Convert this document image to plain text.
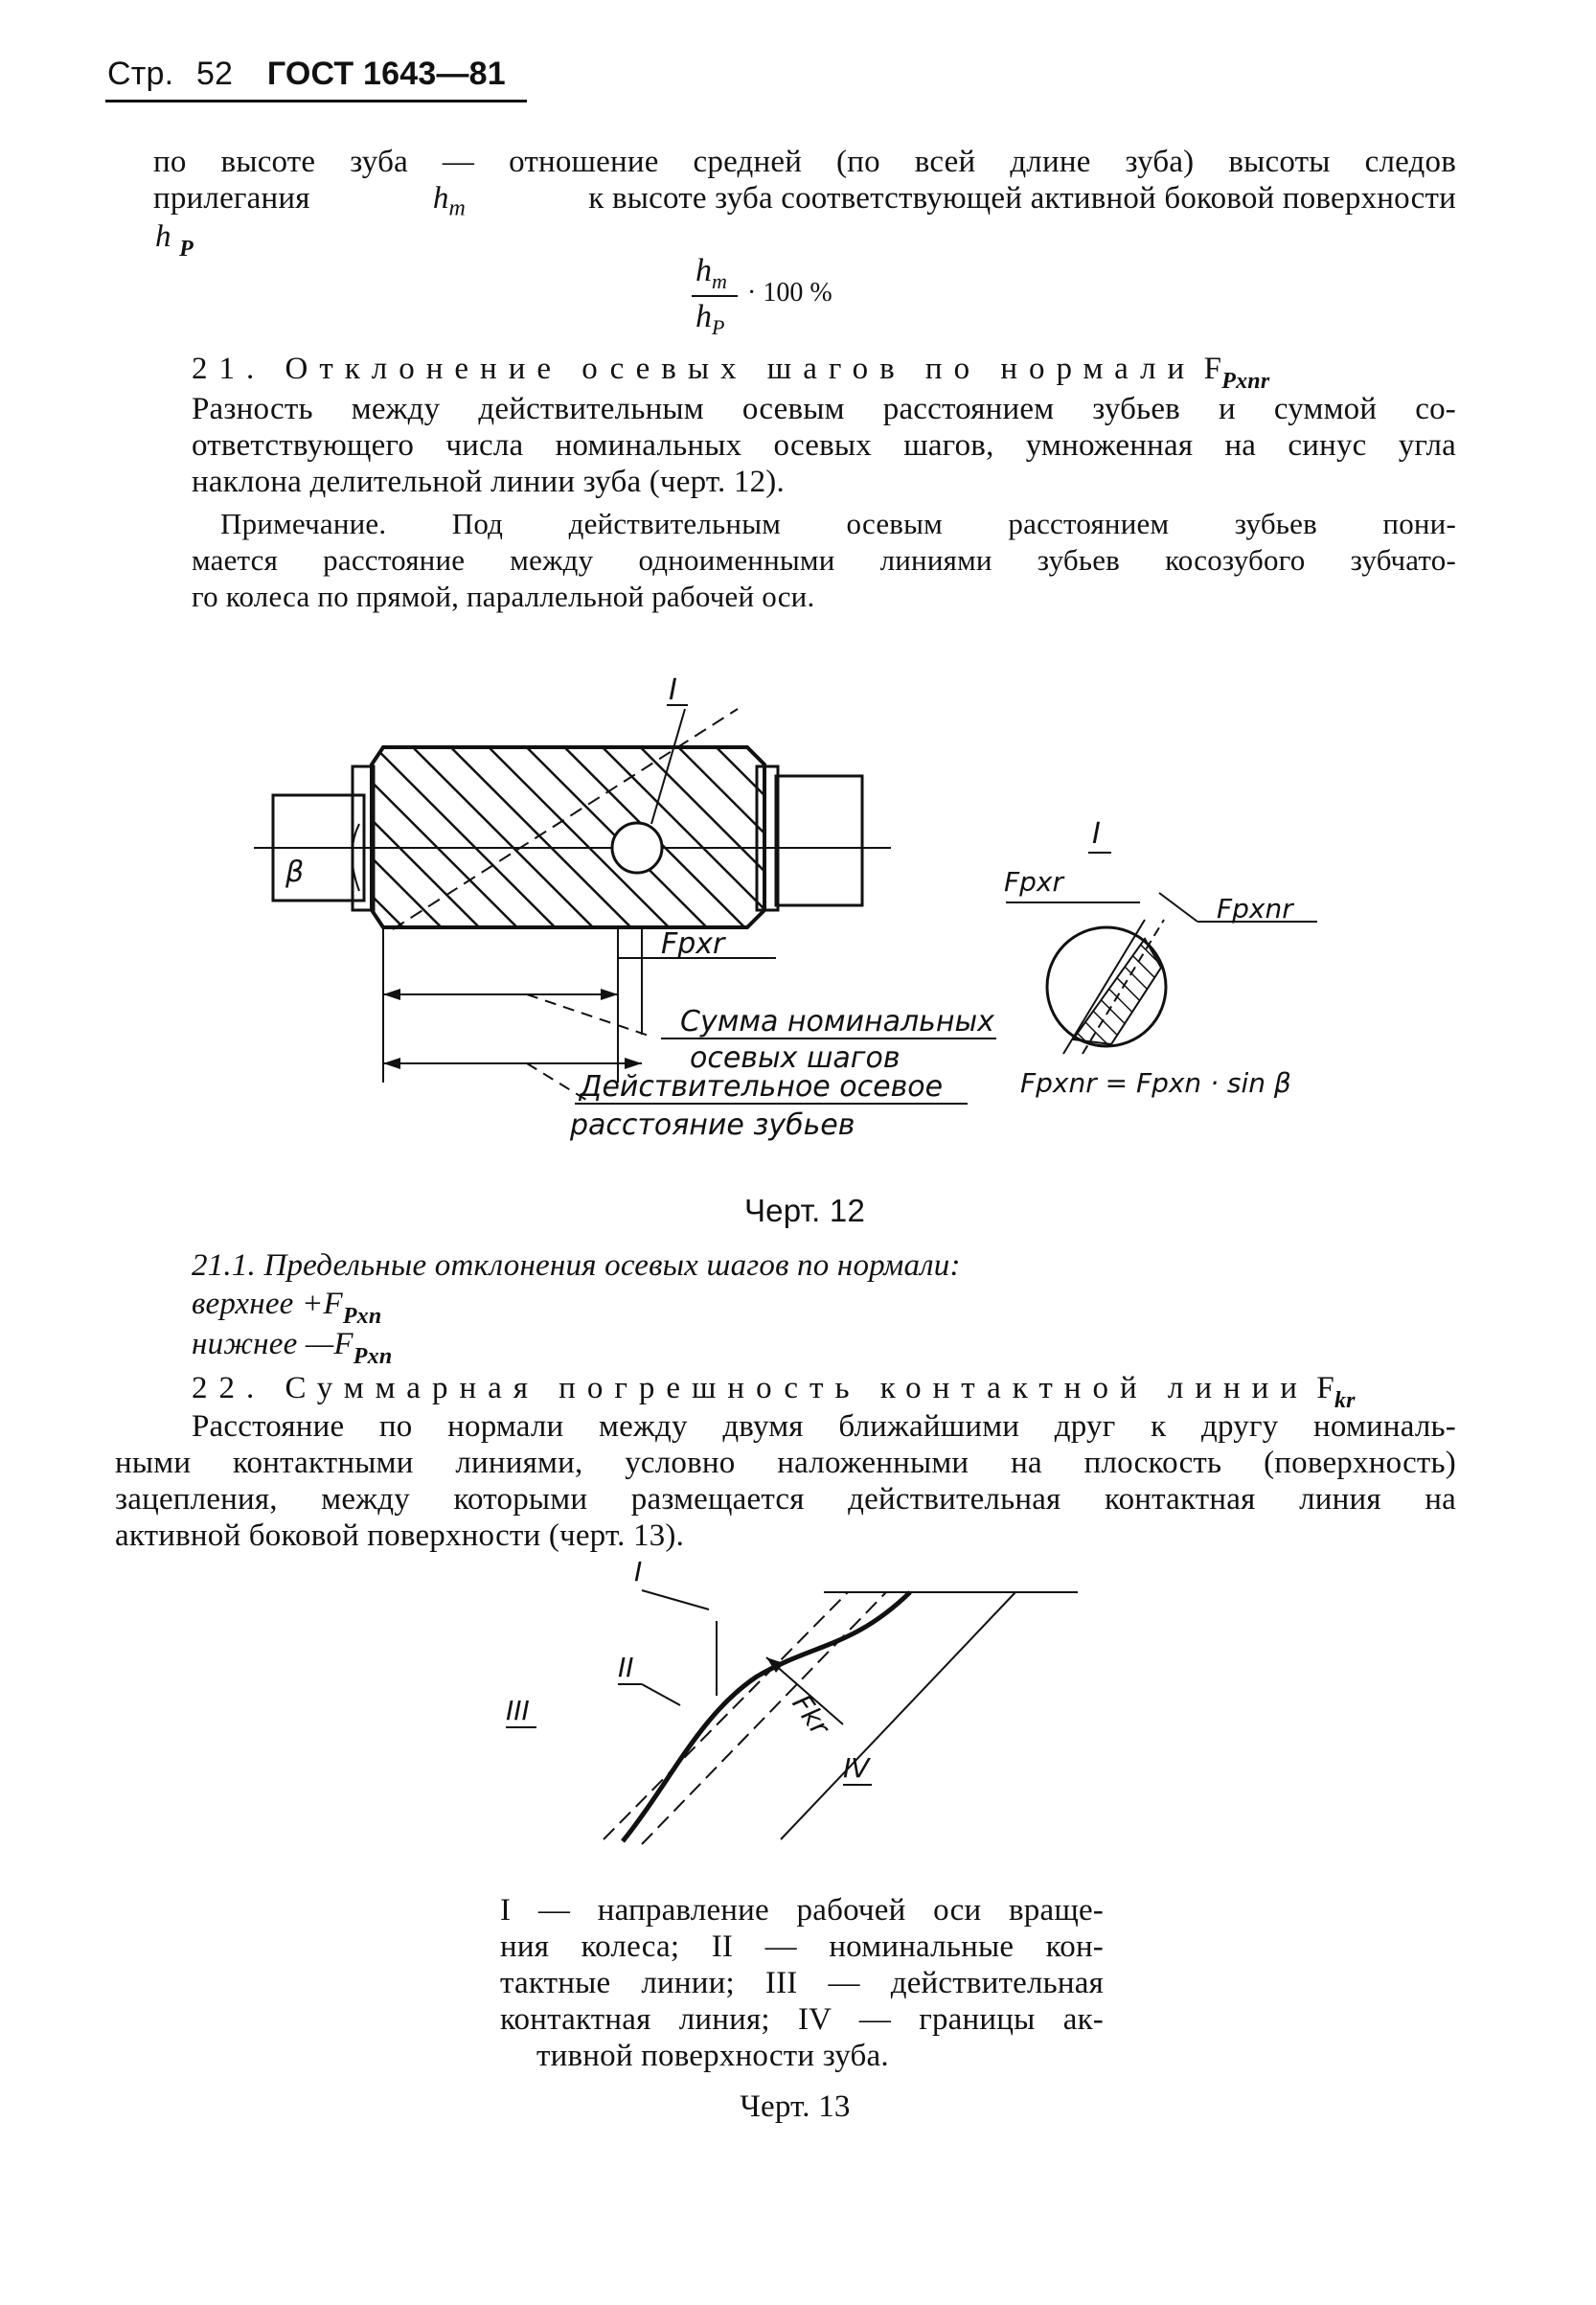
Стр. 52 ГОСТ 1643—81
по высоте зуба — отношение средней (по всей длине зуба) высоты следов
прилегания	$h_m$	к высоте зуба соответствующей активной боковой поверхности
h $_P$
$h_m$
$h_P$
· 100 %
21. Отклонение осевых шагов по нормали $F_{Pxnr}$
Разность между действительным осевым расстоянием зубьев и суммой со-
ответствующего числа номинальных осевых шагов, умноженная на синус угла
наклона делительной линии зуба (черт. 12).
Примечание. Под действительным осевым расстоянием зубьев пони-
мается расстояние между одноименными линиями зубьев косозубого зубчато-
го колеса по прямой, параллельной рабочей оси.
I
β
Fpxr
Сумма номинальных
осевых шагов
Действительное осевое
расстояние зубьев
I
Fpxr
Fpxnr
Fpxnr = Fpxn · sin β
Черт. 12
21.1. Предельные отклонения осевых шагов по нормали:
верхнее $+F_{Pxn}$
нижнее $—F_{Pxn}$
22. Суммарная погрешность контактной линии $F_{kr}$
Расстояние по нормали между двумя ближайшими друг к другу номиналь-
ными контактными линиями, условно наложенными на плоскость (поверхность)
зацепления, между которыми размещается действительная контактная линия на
активной боковой поверхности (черт. 13).
Fkr
I
II
III
IV
I — направление рабочей оси враще-
ния колеса; II — номинальные кон-
тактные линии; III — действительная
контактная линия; IV — границы ак-
тивной поверхности зуба.
Черт. 13
